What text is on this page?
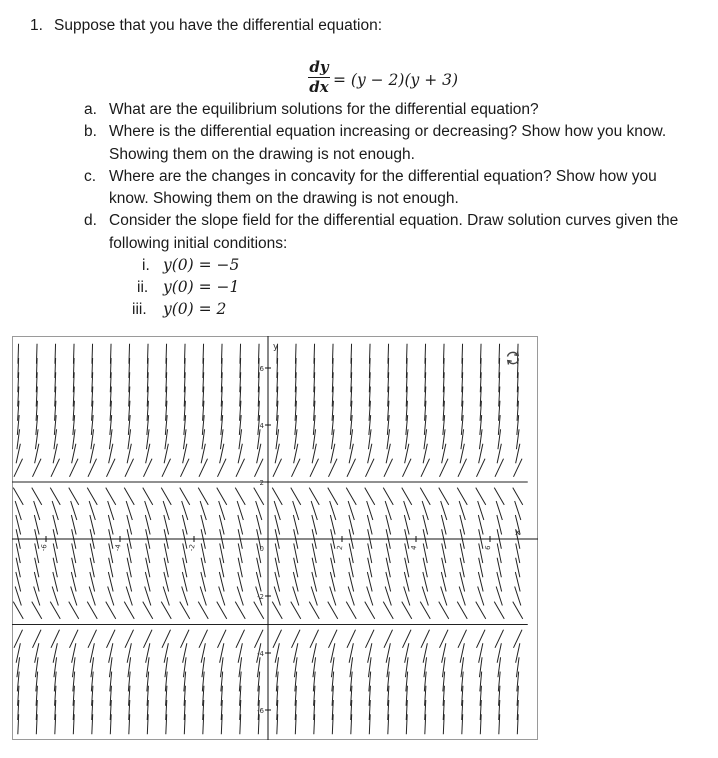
1. Suppose that you have the differential equation:
dy
dx = (y − 2)(y + 3)
a. What are the equilibrium solutions for the differential equation?
b. Where is the differential equation increasing or decreasing? Show how you know.
Showing them on the drawing is not enough.
c. Where are the changes in concavity for the differential equation? Show how you
know. Showing them on the drawing is not enough.
d. Consider the slope field for the differential equation. Draw solution curves given the
following initial conditions:
i. y(0) = −5
ii. y(0) = −1
iii. y(0) = 2
-6	-4	-2	2	4	6
6
4
2
0
-2
-4
-6
x
y
